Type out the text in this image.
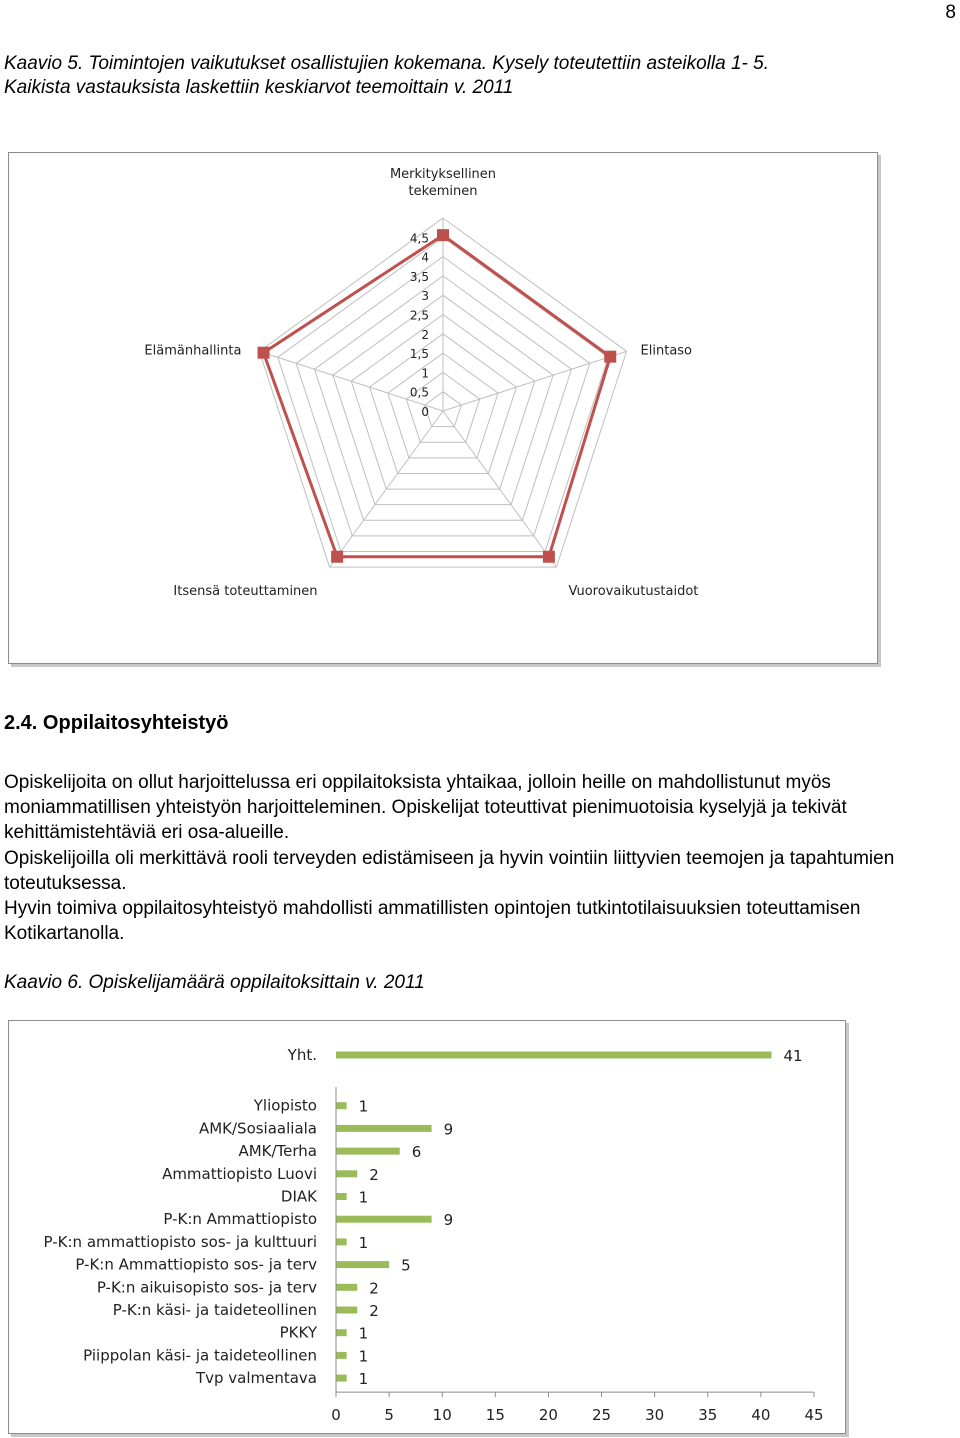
8
Kaavio 5. Toimintojen vaikutukset osallistujien kokemana. Kysely toteutettiin asteikolla 1- 5.
Kaikista vastauksista laskettiin keskiarvot teemoittain v. 2011
0
0,5
1
1,5
2
2,5
3
3,5
4
4,5
Merkityksellinen
tekeminen
Elintaso
Vuorovaikutustaidot
Itsensä toteuttaminen
Elämänhallinta
2.4. Oppilaitosyhteistyö
Opiskelijoita on ollut harjoittelussa eri oppilaitoksista yhtaikaa, jolloin heille on mahdollistunut myös moniammatillisen yhteistyön harjoitteleminen. Opiskelijat toteuttivat pienimuotoisia kyselyjä ja tekivät kehittämistehtäviä eri osa-alueille.
Opiskelijoilla oli merkittävä rooli terveyden edistämiseen ja hyvin vointiin liittyvien teemojen ja tapahtumien toteutuksessa.
Hyvin toimiva oppilaitosyhteistyö mahdollisti ammatillisten opintojen tutkintotilaisuuksien toteuttamisen Kotikartanolla.
Kaavio 6. Opiskelijamäärä oppilaitoksittain v. 2011
Yht.	41
Yliopisto	1
AMK/Sosiaaliala	9
AMK/Terha	6
Ammattiopisto Luovi	2
DIAK	1
P-K:n Ammattiopisto	9
P-K:n ammattiopisto sos- ja kulttuuri	1
P-K:n Ammattiopisto sos- ja terv	5
P-K:n aikuisopisto sos- ja terv	2
P-K:n käsi- ja taideteollinen	2
PKKY	1
Piippolan käsi- ja taideteollinen	1
Tvp valmentava	1
0	5	10 15 20 25 30 35 40 45
